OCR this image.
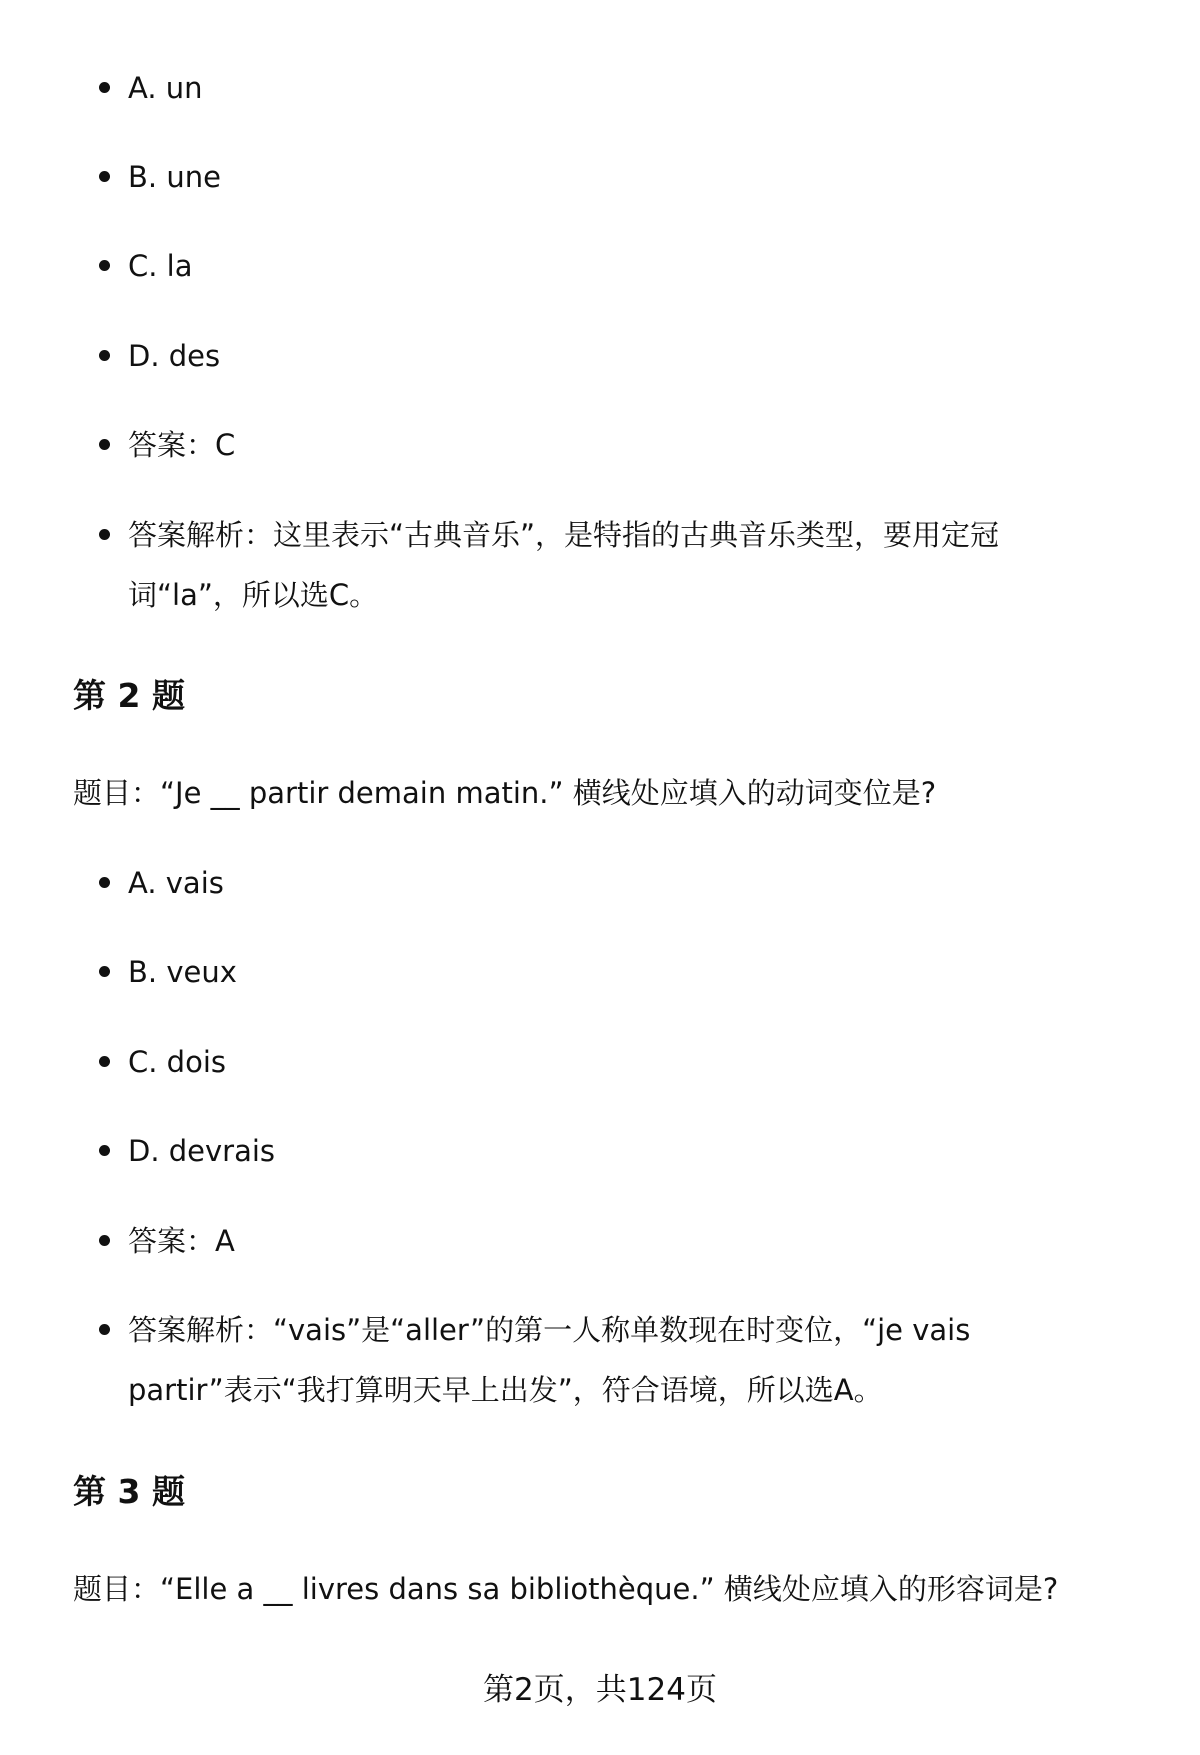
A. un
B. une
C. la
D. des
答案：C
答案解析：这里表示“古典音乐”，是特指的古典音乐类型，要用定冠词“la”，所以选C。
第 2 题
题目：“Je __ partir demain matin.” 横线处应填入的动词变位是?
A. vais
B. veux
C. dois
D. devrais
答案：A
答案解析：“vais”是“aller”的第一人称单数现在时变位，“je vais partir”表示“我打算明天早上出发”，符合语境，所以选A。
第 3 题
题目：“Elle a __ livres dans sa bibliothèque.” 横线处应填入的形容词是?
第2页，共124页
